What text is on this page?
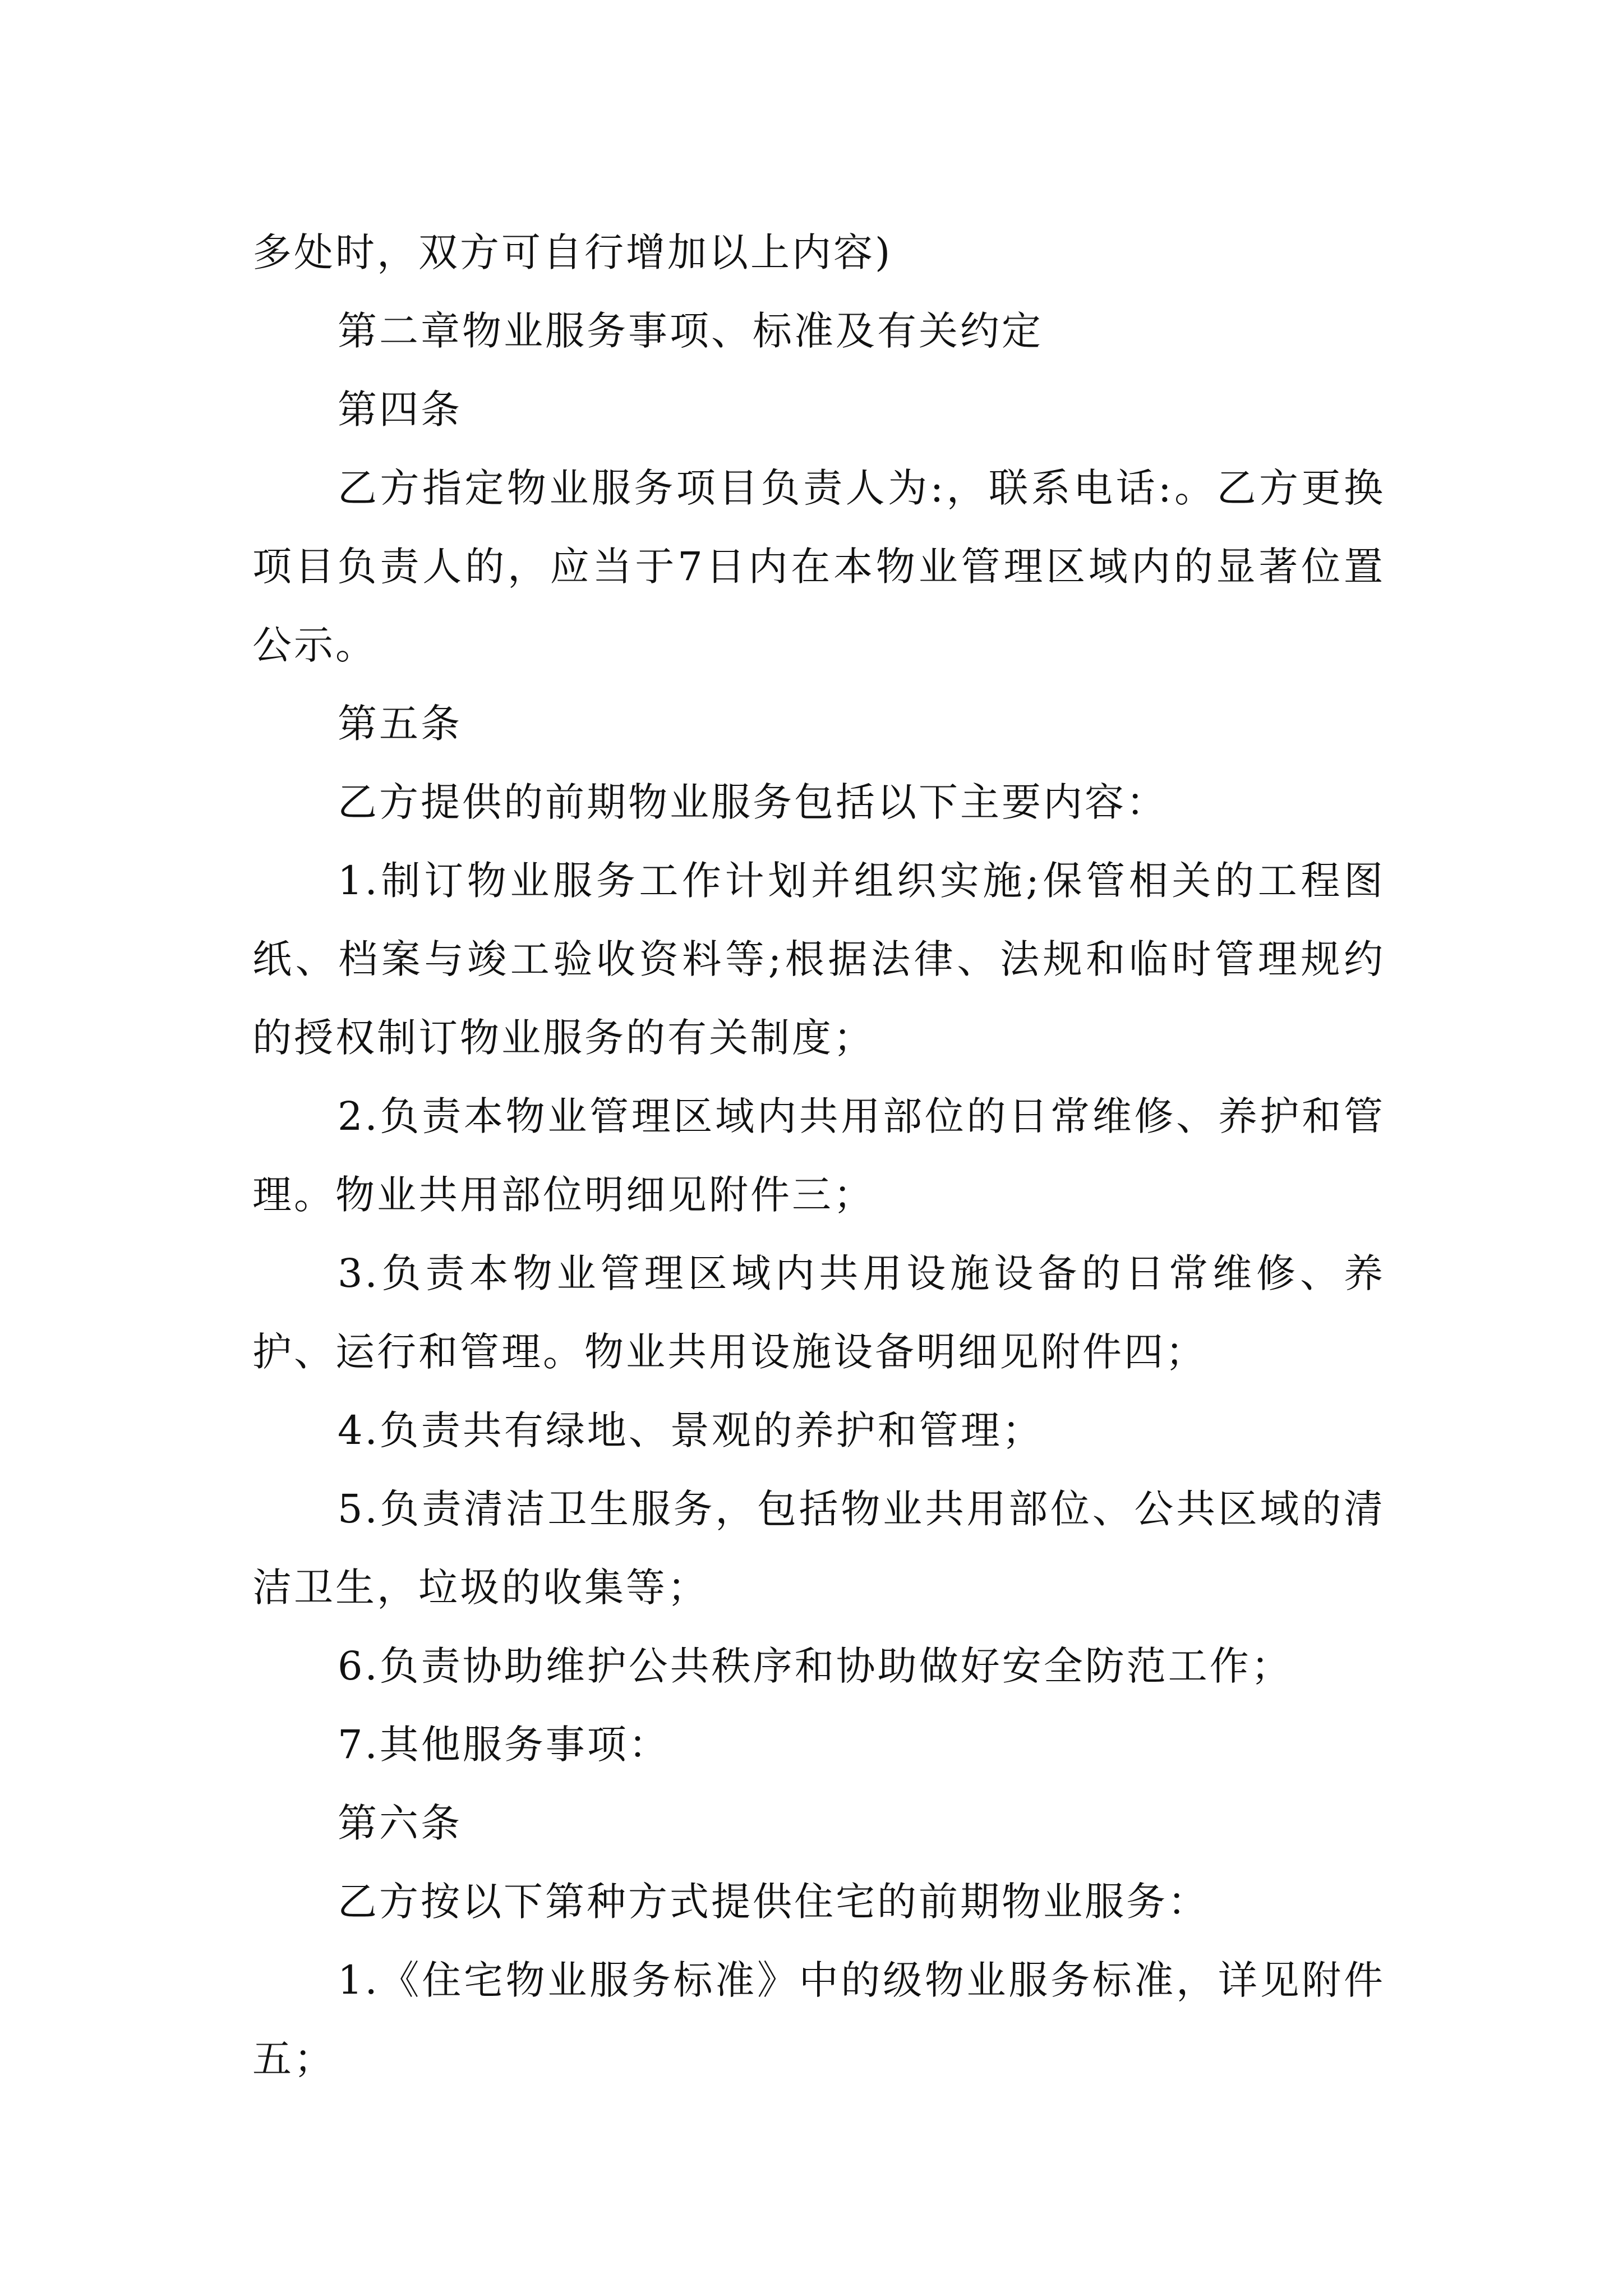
多处时，双方可自行增加以上内容)

第二章物业服务事项、标准及有关约定

第四条

乙方指定物业服务项目负责人为:，联系电话:。乙方更换项目负责人的，应当于7日内在本物业管理区域内的显著位置公示。

第五条

乙方提供的前期物业服务包括以下主要内容：

1.制订物业服务工作计划并组织实施;保管相关的工程图纸、档案与竣工验收资料等;根据法律、法规和临时管理规约的授权制订物业服务的有关制度；

2.负责本物业管理区域内共用部位的日常维修、养护和管理。物业共用部位明细见附件三；

3.负责本物业管理区域内共用设施设备的日常维修、养护、运行和管理。物业共用设施设备明细见附件四；

4.负责共有绿地、景观的养护和管理；

5.负责清洁卫生服务，包括物业共用部位、公共区域的清洁卫生，垃圾的收集等；

6.负责协助维护公共秩序和协助做好安全防范工作；

7.其他服务事项：

第六条

乙方按以下第种方式提供住宅的前期物业服务：

1.《住宅物业服务标准》中的级物业服务标准，详见附件五；
